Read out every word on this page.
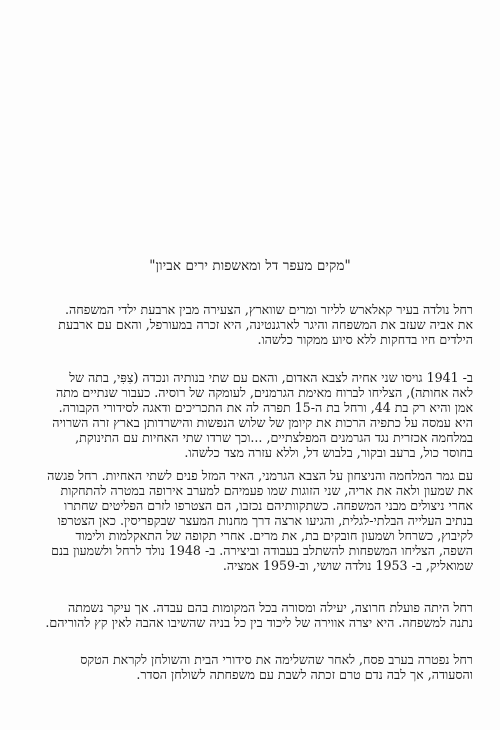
"מקים מעפר דל ומאשפות ירים אביון"
רחל נולדה בעיר קאלארש לליזר ומרים שווארץ, הצעירה מבין ארבעת ילדי המשפחה.
את אביה שעזב את המשפחה והיגר לארגנטינה, היא זכרה במעורפל, והאם עם ארבעת
הילדים חיו בדחקות ללא סיוע ממקור כלשהו.
ב- 1941 גויסו שני אחיה לצבא האדום, והאם עם שתי בנותיה ונכדה (צִפִּי, בתה של
לאה אחותה), הצליחו לברוח מאימת הגרמנים, לעומקה של רוסיה. כעבור שנתיים מתה
אמן והיא רק בת 44, ורחל בת ה-15 תפרה לה את התכריכים ודאגה לסידורי הקבורה.
היא עמסה על כתפיה הרכות את קיומן של שלוש הנפשות והישרדותן בארץ זרה השרויה
במלחמה אכזרית נגד הגרמנים המפלצתיים, ...וכך שרדו שתי האחיות עם התינוקת,
בחוסר כול, ברעב ובקור, בלבוש דל, וללא עזרה מצד כלשהו.
עם גמר המלחמה והניצחון על הצבא הגרמני, האיר המזל פנים לשתי האחיות. רחל פגשה
את שמעון ולאה את אריה, שני הזוגות שמו פעמיהם למערב אירופה במטרה להתחקות
אחרי ניצולים מבני המשפחה. כשתקוותיהם נכזבו, הם הצטרפו לזרם הפליטים שחתרו
בנתיב העלייה הבלתי-לגלית, והגיעו ארצה דרך מחנות המעצר שבקפריסין. כאן הצטרפו
לקיבוץ, כשרחל ושמעון חובקים בת, את מרים. אחרי תקופה של התאקלמות ולימוד
השפה, הצליחו המשפחות להשתלב בעבודה וביצירה. ב- 1948 נולד לרחל ולשמעון בנם
שמואליק, ב- 1953 נולדה שושי, וב-1959 אמציה.
רחל היתה פועלת חרוצה, יעילה ומסורה בכל המקומות בהם עבדה. אך עיקר נשמתה
נתנה למשפחה. היא יצרה אווירה של ליכוד בין כל בניה שהשיבו אהבה לאין קץ להוריהם.
רחל נפטרה בערב פסח, לאחר שהשלימה את סידורי הבית והשולחן לקראת הטקס
והסעודה, אך לבה נדם טרם זכתה לשבת עם משפחתה לשולחן הסדר.
